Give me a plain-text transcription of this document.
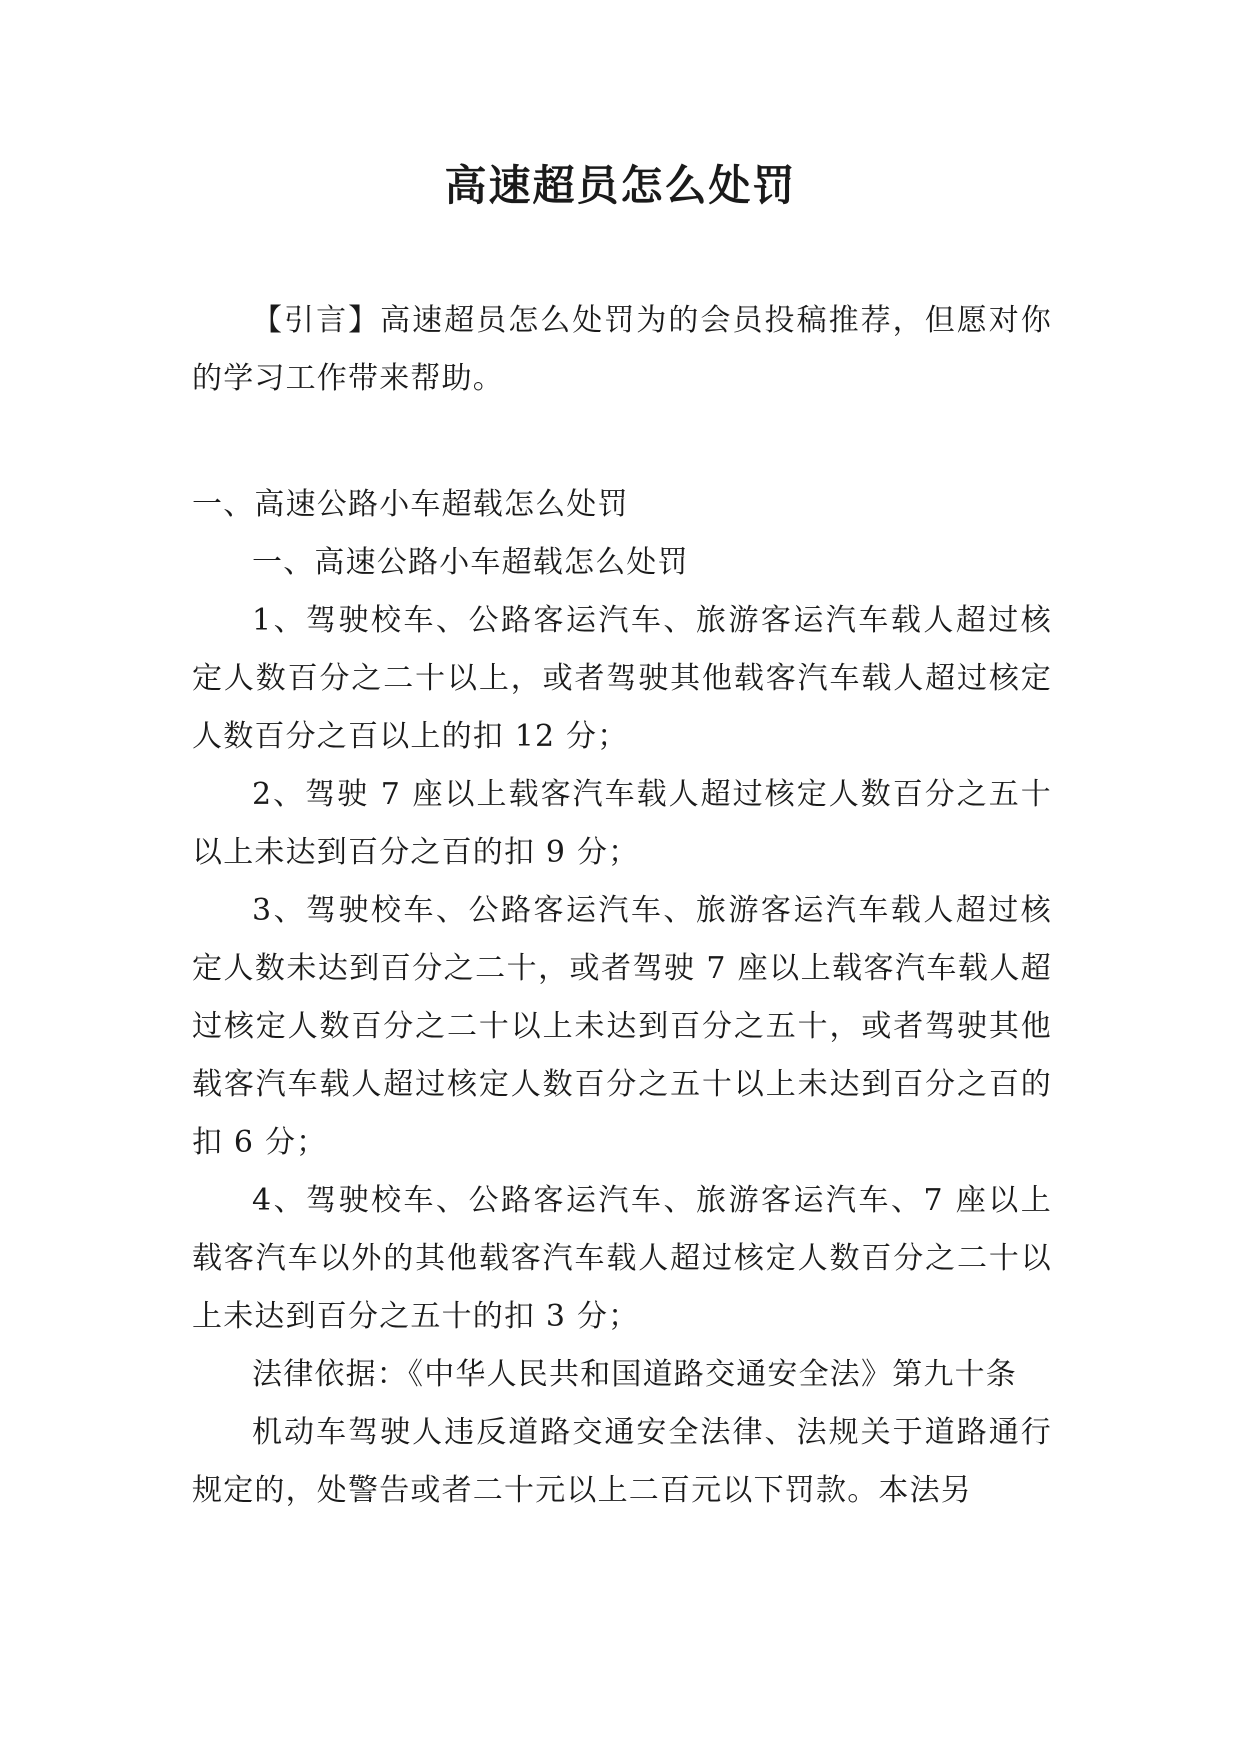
高速超员怎么处罚

【引言】高速超员怎么处罚为的会员投稿推荐，但愿对你的学习工作带来帮助。

一、高速公路小车超载怎么处罚

一、高速公路小车超载怎么处罚

1、驾驶校车、公路客运汽车、旅游客运汽车载人超过核定人数百分之二十以上，或者驾驶其他载客汽车载人超过核定人数百分之百以上的扣 12 分；

2、驾驶 7 座以上载客汽车载人超过核定人数百分之五十以上未达到百分之百的扣 9 分；

3、驾驶校车、公路客运汽车、旅游客运汽车载人超过核定人数未达到百分之二十，或者驾驶 7 座以上载客汽车载人超过核定人数百分之二十以上未达到百分之五十，或者驾驶其他载客汽车载人超过核定人数百分之五十以上未达到百分之百的扣 6 分；

4、驾驶校车、公路客运汽车、旅游客运汽车、7 座以上载客汽车以外的其他载客汽车载人超过核定人数百分之二十以上未达到百分之五十的扣 3 分；

法律依据：《中华人民共和国道路交通安全法》第九十条

机动车驾驶人违反道路交通安全法律、法规关于道路通行规定的，处警告或者二十元以上二百元以下罚款。本法另
